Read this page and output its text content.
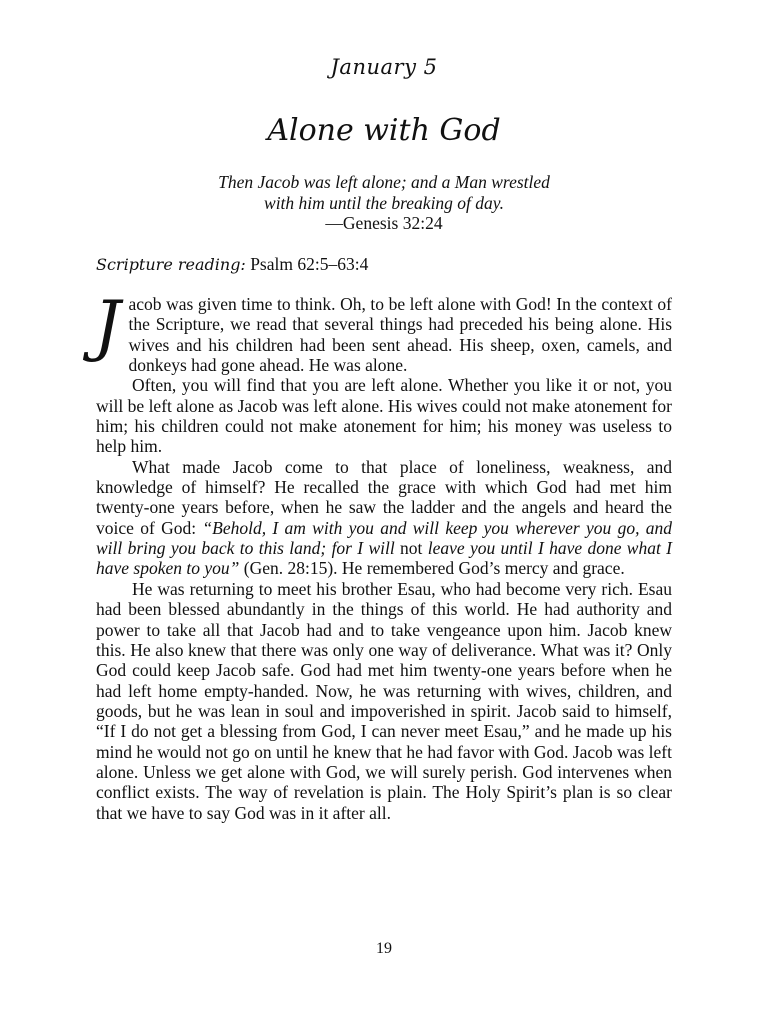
January 5
Alone with God
Then Jacob was left alone; and a Man wrestled
with him until the breaking of day.
—Genesis 32:24
Scripture reading: Psalm 62:5–63:4

Jacob was given time to think. Oh, to be left alone with God! In the context of the Scripture, we read that several things had preceded his being alone. His wives and his children had been sent ahead. His sheep, oxen, camels, and donkeys had gone ahead. He was alone.

Often, you will find that you are left alone. Whether you like it or not, you will be left alone as Jacob was left alone. His wives could not make atonement for him; his children could not make atonement for him; his money was useless to help him.

What made Jacob come to that place of loneliness, weakness, and knowledge of himself? He recalled the grace with which God had met him twenty-one years before, when he saw the ladder and the angels and heard the voice of God: “Behold, I am with you and will keep you wherever you go, and will bring you back to this land; for I will not leave you until I have done what I have spoken to you” (Gen. 28:15). He remembered God’s mercy and grace.

He was returning to meet his brother Esau, who had become very rich. Esau had been blessed abundantly in the things of this world. He had authority and power to take all that Jacob had and to take vengeance upon him. Jacob knew this. He also knew that there was only one way of deliverance. What was it? Only God could keep Jacob safe. God had met him twenty-one years before when he had left home empty-handed. Now, he was returning with wives, children, and goods, but he was lean in soul and impoverished in spirit. Jacob said to himself, “If I do not get a blessing from God, I can never meet Esau,” and he made up his mind he would not go on until he knew that he had favor with God. Jacob was left alone. Unless we get alone with God, we will surely perish. God intervenes when conflict exists. The way of revelation is plain. The Holy Spirit’s plan is so clear that we have to say God was in it after all.

19
